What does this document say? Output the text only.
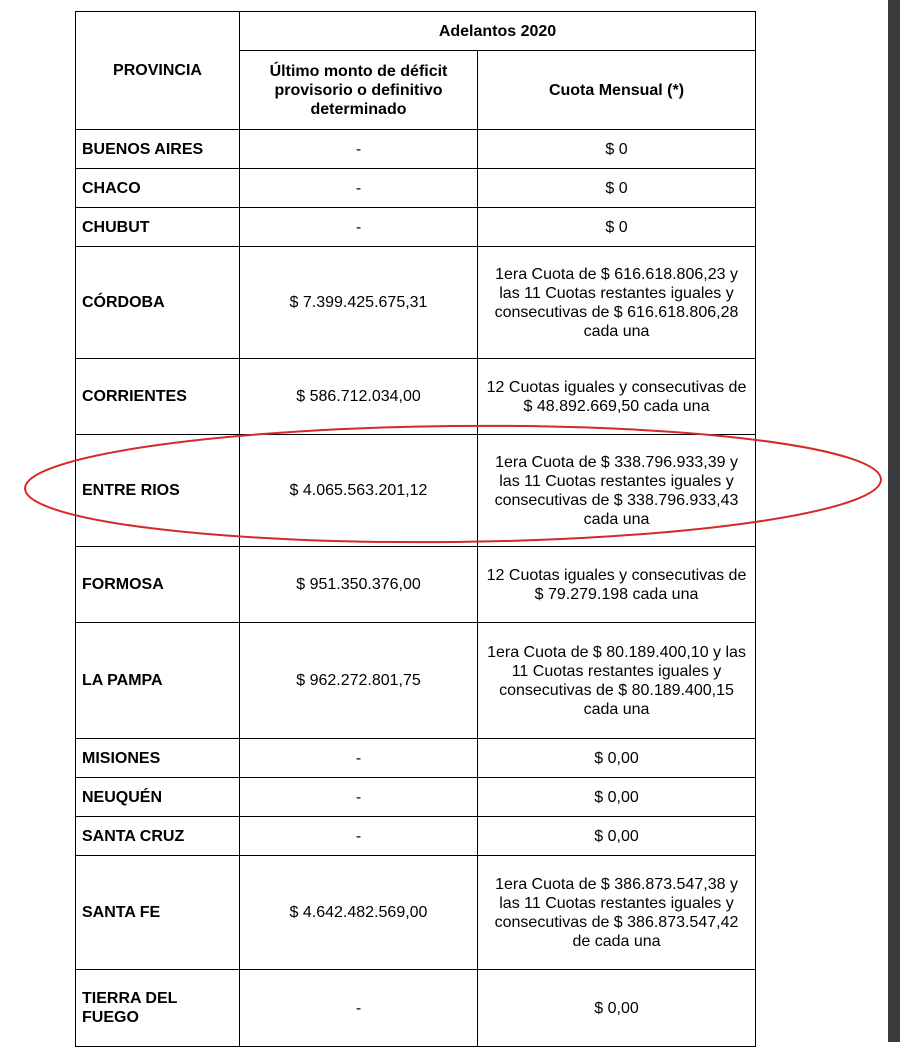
PROVINCIA	Adelantos 2020	
	Último monto de déficit provisorio o definitivo determinado	Cuota Mensual (*)
BUENOS AIRES	-	$ 0
CHACO	-	$ 0
CHUBUT	-	$ 0
CÓRDOBA	$ 7.399.425.675,31	1era Cuota de $ 616.618.806,23 y las 11 Cuotas restantes iguales y consecutivas de $ 616.618.806,28 cada una
CORRIENTES	$ 586.712.034,00	12 Cuotas iguales y consecutivas de $ 48.892.669,50 cada una
ENTRE RIOS	$ 4.065.563.201,12	1era Cuota de $ 338.796.933,39 y las 11 Cuotas restantes iguales y consecutivas de $ 338.796.933,43 cada una
FORMOSA	$ 951.350.376,00	12 Cuotas iguales y consecutivas de $ 79.279.198 cada una
LA PAMPA	$ 962.272.801,75	1era Cuota de $ 80.189.400,10 y las 11 Cuotas restantes iguales y consecutivas de $ 80.189.400,15 cada una
MISIONES	-	$ 0,00
NEUQUÉN	-	$ 0,00
SANTA CRUZ	-	$ 0,00
SANTA FE	$ 4.642.482.569,00	1era Cuota de $ 386.873.547,38 y las 11 Cuotas restantes iguales y consecutivas de $ 386.873.547,42 de cada una
TIERRA DEL FUEGO	-	$ 0,00
